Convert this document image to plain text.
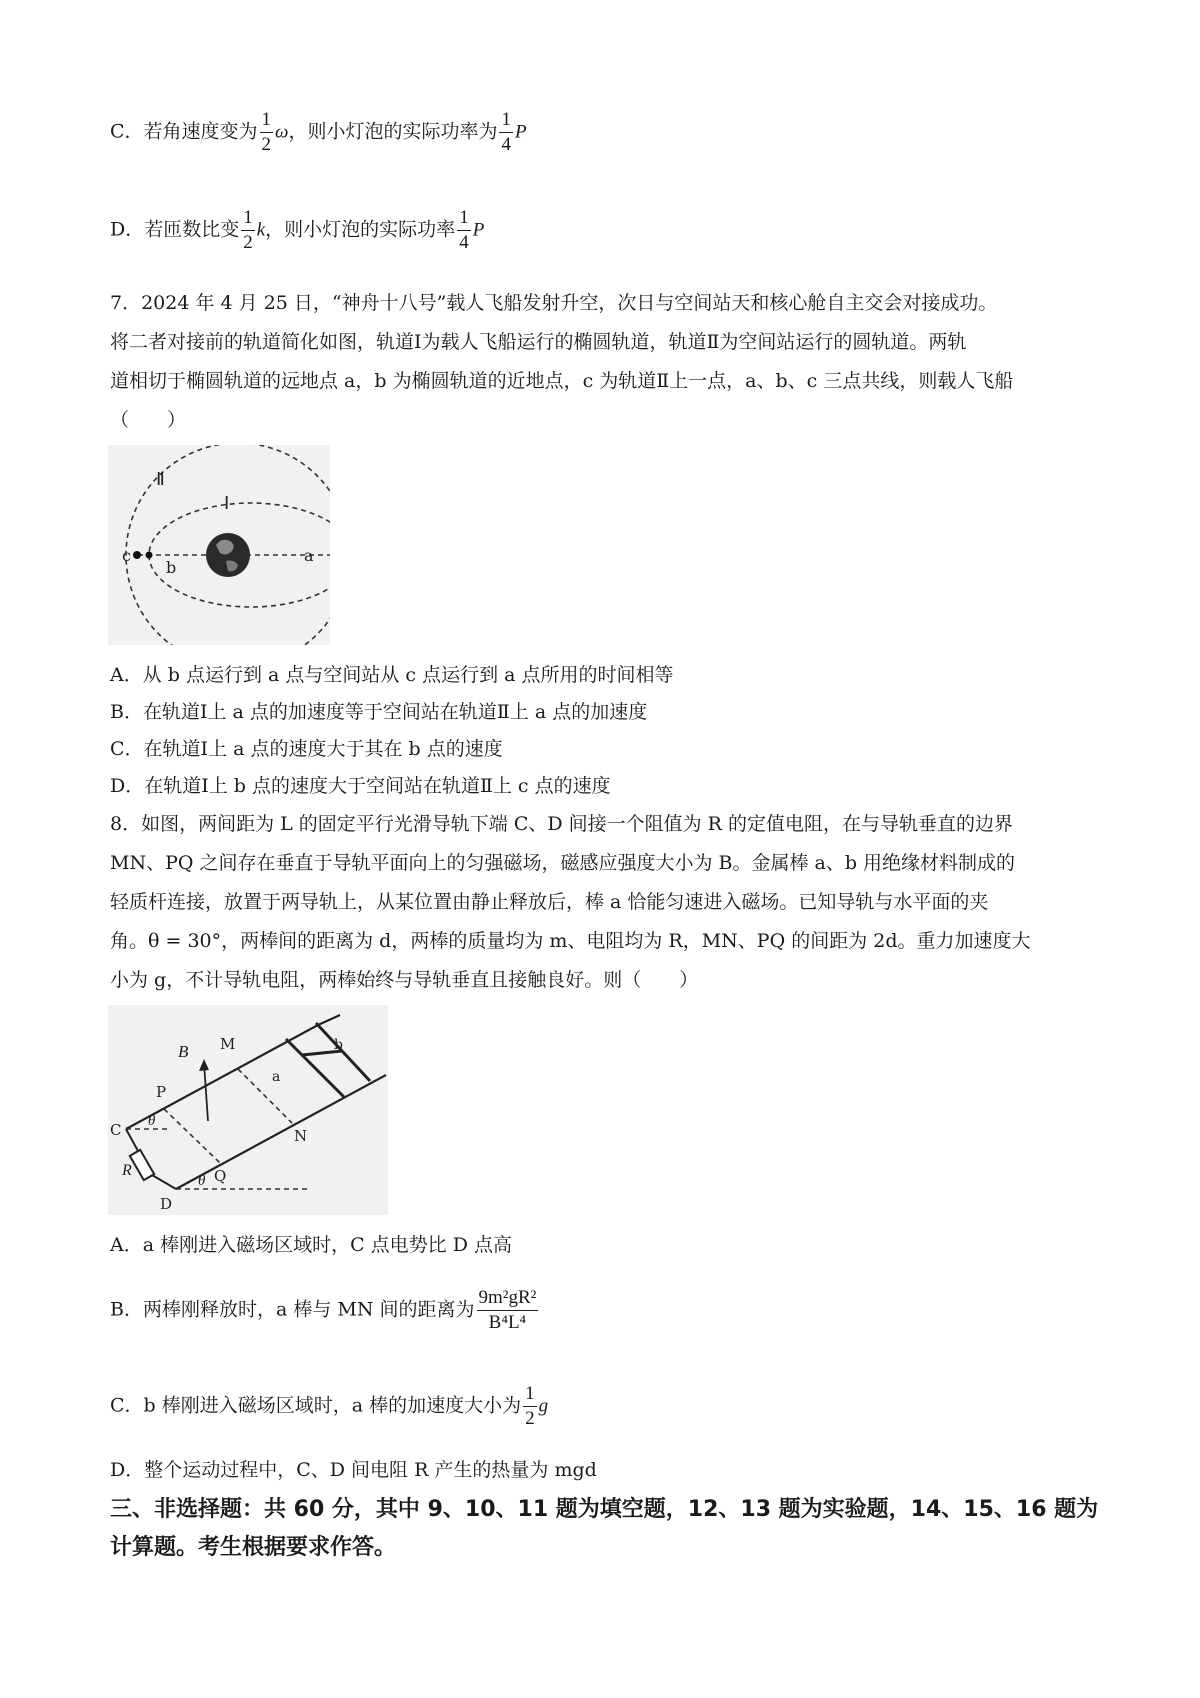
C．若角速度变为 $\frac{1}{2}$ ω，则小灯泡的实际功率为 $\frac{1}{4}$ P
D．若匝数比变 $\frac{1}{2}$ k，则小灯泡的实际功率 $\frac{1}{4}$ P
7．2024 年 4 月 25 日，“神舟十八号”载人飞船发射升空，次日与空间站天和核心舱自主交会对接成功。
将二者对接前的轨道简化如图，轨道Ⅰ为载人飞船运行的椭圆轨道，轨道Ⅱ为空间站运行的圆轨道。两轨
道相切于椭圆轨道的远地点 a，b 为椭圆轨道的近地点，c 为轨道Ⅱ上一点，a、b、c 三点共线，则载人飞船
（　　）
c
b
a
Ⅱ
Ⅰ
A．从 b 点运行到 a 点与空间站从 c 点运行到 a 点所用的时间相等
B．在轨道Ⅰ上 a 点的加速度等于空间站在轨道Ⅱ上 a 点的加速度
C．在轨道Ⅰ上 a 点的速度大于其在 b 点的速度
D．在轨道Ⅰ上 b 点的速度大于空间站在轨道Ⅱ上 c 点的速度
8．如图，两间距为 L 的固定平行光滑导轨下端 C、D 间接一个阻值为 R 的定值电阻，在与导轨垂直的边界
MN、PQ 之间存在垂直于导轨平面向上的匀强磁场，磁感应强度大小为 B。金属棒 a、b 用绝缘材料制成的
轻质杆连接，放置于两导轨上，从某位置由静止释放后，棒 a 恰能匀速进入磁场。已知导轨与水平面的夹
角。θ = 30°，两棒间的距离为 d，两棒的质量均为 m、电阻均为 R，MN、PQ 的间距为 2d。重力加速度大
小为 g，不计导轨电阻，两棒始终与导轨垂直且接触良好。则（　　）
B M
N
P
Q
C
D
R
a
b
θ
θ
A．a 棒刚进入磁场区域时，C 点电势比 D 点高
B．两棒刚释放时，a 棒与 MN 间的距离为 $\frac{\text{9m²gR²}}{\text{B⁴L⁴}}$
C．b 棒刚进入磁场区域时，a 棒的加速度大小为 $\frac{1}{2}$ g
D．整个运动过程中，C、D 间电阻 R 产生的热量为 mgd
三、非选择题：共 60 分，其中 9、10、11 题为填空题，12、13 题为实验题，14、15、16 题为
计算题。考生根据要求作答。
